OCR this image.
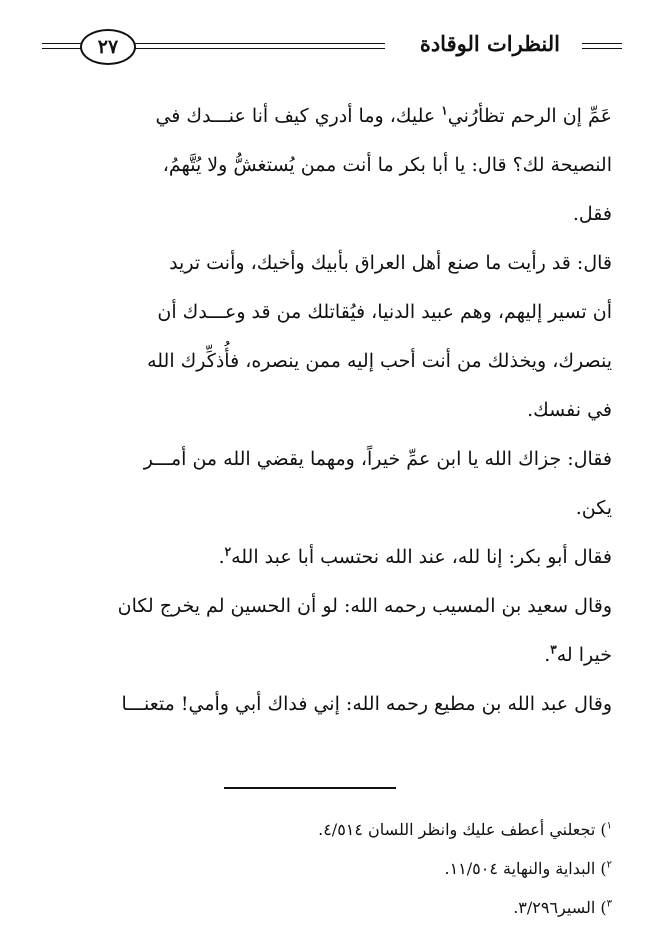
النظرات الوقادة
٢٧
عَمِّ إن الرحم تظأرُني$^١$ عليك، وما أدري كيف أنا عنـــدك في
النصيحة لك؟ قال: يا أبا بكر ما أنت ممن يُستغشُّ ولا يُتَّهمُ،
فقل.
قال: قد رأيت ما صنع أهل العراق بأبيك وأخيك، وأنت تريد
أن تسير إليهم، وهم عبيد الدنيا، فيُقاتلك من قد وعـــدك أن
ينصرك، ويخذلك من أنت أحب إليه ممن ينصره، فأُذكِّرك الله
في نفسك.
فقال: جزاك الله يا ابن عمِّ خيراً، ومهما يقضي الله من أمـــر
يكن.
فقال أبو بكر: إنا لله، عند الله نحتسب أبا عبد الله$^٢$.
وقال سعيد بن المسيب رحمه الله: لو أن الحسين لم يخرج لكان
خيرا له$^٣$.
وقال عبد الله بن مطيع رحمه الله: إني فداك أبي وأمي! متعنـــا
$^١$) تجعلني أعطف عليك وانظر اللسان ٤/٥١٤.
$^٢$) البداية والنهاية ١١/٥٠٤.
$^٣$) السير٣/٢٩٦.
